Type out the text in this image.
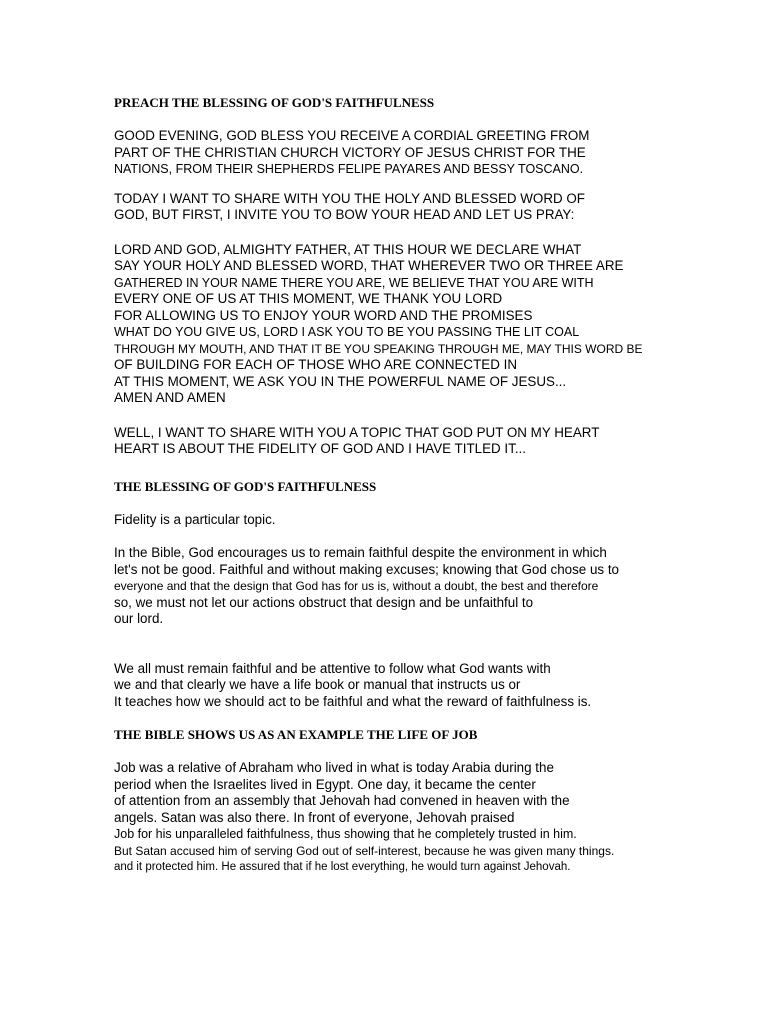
PREACH THE BLESSING OF GOD'S FAITHFULNESS

GOOD EVENING, GOD BLESS YOU RECEIVE A CORDIAL GREETING FROM
PART OF THE CHRISTIAN CHURCH VICTORY OF JESUS CHRIST FOR THE
NATIONS, FROM THEIR SHEPHERDS FELIPE PAYARES AND BESSY TOSCANO.

TODAY I WANT TO SHARE WITH YOU THE HOLY AND BLESSED WORD OF
GOD, BUT FIRST, I INVITE YOU TO BOW YOUR HEAD AND LET US PRAY:

LORD AND GOD, ALMIGHTY FATHER, AT THIS HOUR WE DECLARE WHAT
SAY YOUR HOLY AND BLESSED WORD, THAT WHEREVER TWO OR THREE ARE
GATHERED IN YOUR NAME THERE YOU ARE, WE BELIEVE THAT YOU ARE WITH
EVERY ONE OF US AT THIS MOMENT, WE THANK YOU LORD
FOR ALLOWING US TO ENJOY YOUR WORD AND THE PROMISES
WHAT DO YOU GIVE US, LORD I ASK YOU TO BE YOU PASSING THE LIT COAL
THROUGH MY MOUTH, AND THAT IT BE YOU SPEAKING THROUGH ME, MAY THIS WORD BE
OF BUILDING FOR EACH OF THOSE WHO ARE CONNECTED IN
AT THIS MOMENT, WE ASK YOU IN THE POWERFUL NAME OF JESUS...
AMEN AND AMEN

WELL, I WANT TO SHARE WITH YOU A TOPIC THAT GOD PUT ON MY HEART
HEART IS ABOUT THE FIDELITY OF GOD AND I HAVE TITLED IT...

THE BLESSING OF GOD'S FAITHFULNESS

Fidelity is a particular topic.

In the Bible, God encourages us to remain faithful despite the environment in which
let's not be good. Faithful and without making excuses; knowing that God chose us to
everyone and that the design that God has for us is, without a doubt, the best and therefore
so, we must not let our actions obstruct that design and be unfaithful to
our lord.

We all must remain faithful and be attentive to follow what God wants with
we and that clearly we have a life book or manual that instructs us or
It teaches how we should act to be faithful and what the reward of faithfulness is.

THE BIBLE SHOWS US AS AN EXAMPLE THE LIFE OF JOB

Job was a relative of Abraham who lived in what is today Arabia during the
period when the Israelites lived in Egypt. One day, it became the center
of attention from an assembly that Jehovah had convened in heaven with the
angels. Satan was also there. In front of everyone, Jehovah praised
Job for his unparalleled faithfulness, thus showing that he completely trusted in him.
But Satan accused him of serving God out of self-interest, because he was given many things.
and it protected him. He assured that if he lost everything, he would turn against Jehovah.
